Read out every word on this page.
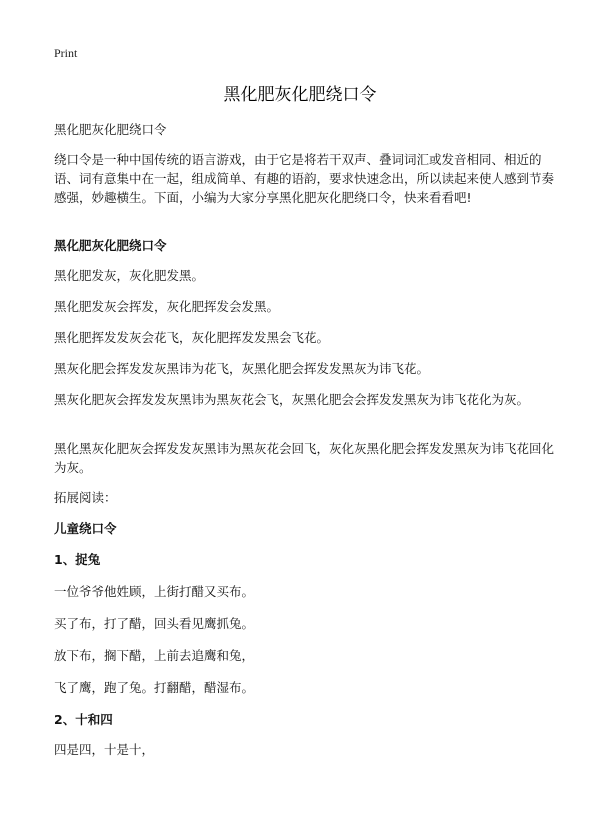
Print
黑化肥灰化肥绕口令
黑化肥灰化肥绕口令
绕口令是一种中国传统的语言游戏，由于它是将若干双声、叠词词汇或发音相同、相近的语、词有意集中在一起，组成简单、有趣的语韵，要求快速念出，所以读起来使人感到节奏感强，妙趣横生。下面，小编为大家分享黑化肥灰化肥绕口令，快来看看吧!
黑化肥灰化肥绕口令
黑化肥发灰，灰化肥发黑。
黑化肥发灰会挥发，灰化肥挥发会发黑。
黑化肥挥发发灰会花飞，灰化肥挥发发黑会飞花。
黑灰化肥会挥发发灰黑讳为花飞，灰黑化肥会挥发发黑灰为讳飞花。
黑灰化肥灰会挥发发灰黑讳为黑灰花会飞，灰黑化肥会会挥发发黑灰为讳飞花化为灰。
黑化黑灰化肥灰会挥发发灰黑讳为黑灰花会回飞，灰化灰黑化肥会挥发发黑灰为讳飞花回化为灰。
拓展阅读：
儿童绕口令
1、捉兔
一位爷爷他姓顾，上街打醋又买布。
买了布，打了醋，回头看见鹰抓兔。
放下布，搁下醋，上前去追鹰和兔，
飞了鹰，跑了兔。打翻醋，醋湿布。
2、十和四
四是四，十是十，
